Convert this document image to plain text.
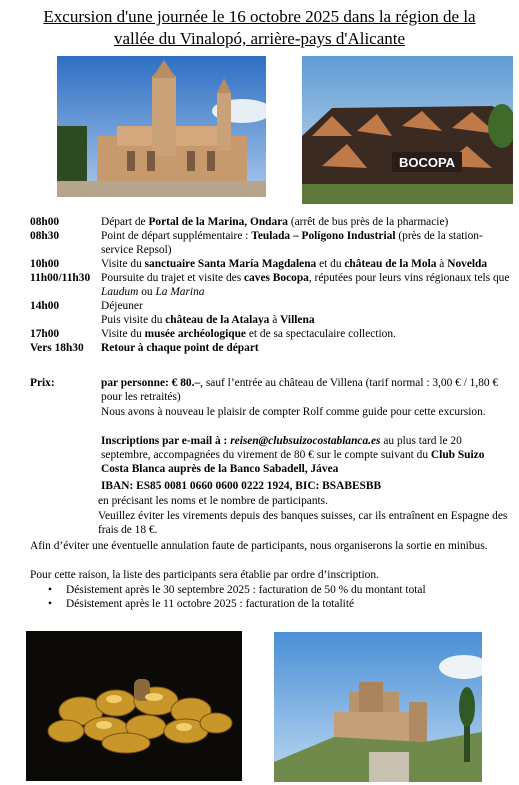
Excursion d'une journée le 16 octobre 2025 dans la région de la
vallée du Vinalopó, arrière-pays d'Alicante
BOCOPA
08h00	Départ de Portal de la Marina, Ondara (arrêt de bus près de la pharmacie)
08h30	Point de départ supplémentaire : Teulada – Polígono Industrial (près de la station-service Repsol)
10h00	Visite du sanctuaire Santa María Magdalena et du château de la Mola à Novelda
11h00/11h30 Poursuite du trajet et visite des caves Bocopa, réputées pour leurs vins régionaux tels que Laudum ou La Marina
14h00	Déjeuner
Puis visite du château de la Atalaya à Villena
17h00	Visite du musée archéologique et de sa spectaculaire collection.
Vers 18h30	Retour à chaque point de départ
Prix:	par personne: € 80.–, sauf l’entrée au château de Villena (tarif normal : 3,00 € / 1,80 € pour les retraités)
Nous avons à nouveau le plaisir de compter Rolf comme guide pour cette excursion.
Inscriptions par e-mail à : reisen@clubsuizocostablanca.es au plus tard le 20 septembre, accompagnées du virement de 80 € sur le compte suivant du Club Suizo Costa Blanca auprès de la Banco Sabadell, Jávea
IBAN: ES85 0081 0660 0600 0222 1924, BIC: BSABESBB
en précisant les noms et le nombre de participants.
Veuillez éviter les virements depuis des banques suisses, car ils entraînent en Espagne des frais de 18 €.
Afin d’éviter une éventuelle annulation faute de participants, nous organiserons la sortie en minibus.
Pour cette raison, la liste des participants sera établie par ordre d’inscription.
•	Désistement après le 30 septembre 2025 : facturation de 50 % du montant total
•	Désistement après le 11 octobre 2025 : facturation de la totalité
